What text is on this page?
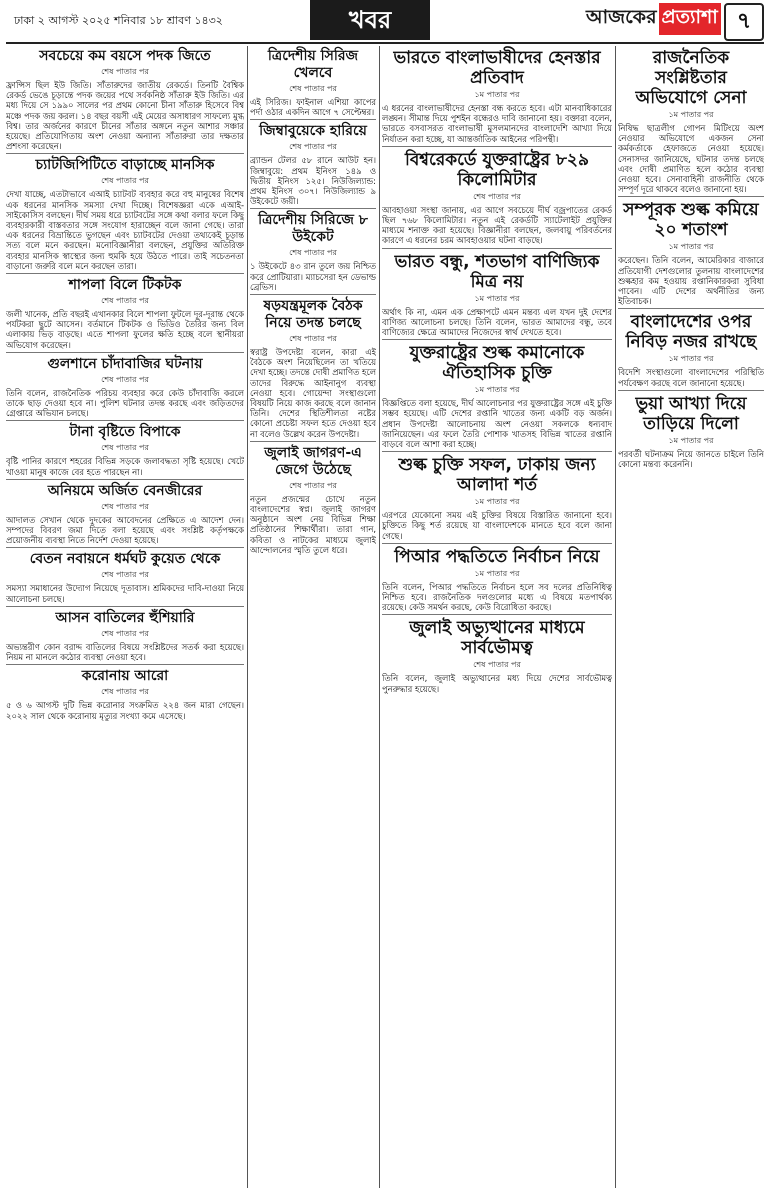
ঢাকা ২ আগস্ট ২০২৫ শনিবার ১৮ শ্রাবণ ১৪৩২	খবর	আজকের প্রত্যাশা ৭
সবচেয়ে কম বয়সে পদক জিতে
শেষ পাতার পর

ফ্রান্সিস ছিল ইউ জিতি। সাঁতারুদের জাতীয় রেকর্ডে। তিনটি বৈশ্বিক রেকর্ড ভেঙে চূড়ান্তে পদক জয়ের পথে সর্বকনিষ্ঠ সাঁতারু ইউ জিতি। এর মধ্য দিয়ে সে ১৯৯০ সালের পর প্রথম কোনো চীনা সাঁতারু হিসেবে বিশ্ব মঞ্চে পদক জয় করল। ১৪ বছর বয়সী এই মেয়ের অসাধারণ সাফল্যে মুগ্ধ বিশ্ব। তার অর্জনের কারণে চীনের সাঁতার অঙ্গনে নতুন আশার সঞ্চার হয়েছে। প্রতিযোগিতায় অংশ নেওয়া অন্যান্য সাঁতারুরা তার দক্ষতার প্রশংসা করেছেন।

চ্যাটজিপিটিতে বাড়াচ্ছে মানসিক
শেষ পাতার পর

দেখা যাচ্ছে, এতটাভাবে এআই চ্যাটবট ব্যবহার করে বহু মানুষের বিশেষ এক ধরনের মানসিক সমস্যা দেখা দিচ্ছে। বিশেষজ্ঞরা একে এআই-সাইকোসিস বলছেন। দীর্ঘ সময় ধরে চ্যাটবটের সঙ্গে কথা বলার ফলে কিছু ব্যবহারকারী বাস্তবতার সঙ্গে সংযোগ হারাচ্ছেন বলে জানা গেছে। তারা এক ধরনের বিভ্রান্তিতে ভুগছেন এবং চ্যাটবটের দেওয়া তথ্যকেই চূড়ান্ত সত্য বলে মনে করছেন। মনোবিজ্ঞানীরা বলছেন, প্রযুক্তির অতিরিক্ত ব্যবহার মানসিক স্বাস্থ্যের জন্য হুমকি হয়ে উঠতে পারে। তাই সচেতনতা বাড়ানো জরুরি বলে মনে করছেন তারা।

শাপলা বিলে টিকটক
শেষ পাতার পর

জলী খানেক, প্রতি বছরই এখানকার বিলে শাপলা ফুটলে দূর-দূরান্ত থেকে পর্যটকরা ছুটে আসেন। বর্তমানে টিকটক ও ভিডিও তৈরির জন্য বিল এলাকায় ভিড় বাড়ছে। এতে শাপলা ফুলের ক্ষতি হচ্ছে বলে স্থানীয়রা অভিযোগ করেছেন।

গুলশানে চাঁদাবাজির ঘটনায়
শেষ পাতার পর

তিনি বলেন, রাজনৈতিক পরিচয় ব্যবহার করে কেউ চাঁদাবাজি করলে তাকে ছাড় দেওয়া হবে না। পুলিশ ঘটনার তদন্ত করছে এবং জড়িতদের গ্রেপ্তারে অভিযান চলছে।

টানা বৃষ্টিতে বিপাকে
শেষ পাতার পর

বৃষ্টি পানির কারণে শহরের বিভিন্ন সড়কে জলাবদ্ধতা সৃষ্টি হয়েছে। খেটে খাওয়া মানুষ কাজে বের হতে পারছেন না।

অনিয়মে অর্জিত বেনজীরের
শেষ পাতার পর

আদালত সেখান থেকে দুদকের আবেদনের প্রেক্ষিতে এ আদেশ দেন। সম্পদের বিবরণ জমা দিতে বলা হয়েছে এবং সংশ্লিষ্ট কর্তৃপক্ষকে প্রয়োজনীয় ব্যবস্থা নিতে নির্দেশ দেওয়া হয়েছে।

বেতন নবায়নে ধর্মঘট কুয়েত থেকে
শেষ পাতার পর

সমস্যা সমাধানের উদ্যোগ নিয়েছে দূতাবাস। শ্রমিকদের দাবি-দাওয়া নিয়ে আলোচনা চলছে।

আসন বাতিলের হুঁশিয়ারি
শেষ পাতার পর

অভ্যন্তরীণ কোন বরাদ্দ বাতিলের বিষয়ে সংশ্লিষ্টদের সতর্ক করা হয়েছে। নিয়ম না মানলে কঠোর ব্যবস্থা নেওয়া হবে।

করোনায় আরো
শেষ পাতার পর

৫ ও ৬ আগস্ট দুটি ভিন্ন করোনার সংক্রমিত ২২৪ জন মারা গেছেন। ২০২২ সাল থেকে করোনায় মৃত্যুর সংখ্যা কমে এসেছে।

ত্রিদেশীয় সিরিজ খেলবে
শেষ পাতার পর

এই সিরিজ। ফাইনাল এশিয়া কাপের পর্দা ওঠার একদিন আগে ৭ সেপ্টেম্বর।

জিম্বাবুয়েকে হারিয়ে
শেষ পাতার পর

ব্র্যান্ডন টেলর ৫৮ রানে আউট হন। জিম্বাবুয়ে: প্রথম ইনিংস ১৪৯ ও দ্বিতীয় ইনিংস ১২৫। নিউজিল্যান্ড: প্রথম ইনিংস ৩০৭। নিউজিল্যান্ড ৯ উইকেটে জয়ী।

ত্রিদেশীয় সিরিজে ৮ উইকেট
শেষ পাতার পর

১ উইকেটে ৪৩ রান তুলে জয় নিশ্চিত করে প্রোটিয়ারা। ম্যাচসেরা হন ডেভাল্ড ব্রেভিস।

ষড়যন্ত্রমূলক বৈঠক নিয়ে তদন্ত চলছে
শেষ পাতার পর

স্বরাষ্ট্র উপদেষ্টা বলেন, কারা এই বৈঠকে অংশ নিয়েছিলেন তা খতিয়ে দেখা হচ্ছে। তদন্তে দোষী প্রমাণিত হলে তাদের বিরুদ্ধে আইনানুগ ব্যবস্থা নেওয়া হবে। গোয়েন্দা সংস্থাগুলো বিষয়টি নিয়ে কাজ করছে বলে জানান তিনি। দেশের স্থিতিশীলতা নষ্টের কোনো প্রচেষ্টা সফল হতে দেওয়া হবে না বলেও উল্লেখ করেন উপদেষ্টা।

জুলাই জাগরণ-এ জেগে উঠেছে
শেষ পাতার পর

নতুন প্রজন্মের চোখে নতুন বাংলাদেশের স্বপ্ন। জুলাই জাগরণ অনুষ্ঠানে অংশ নেয় বিভিন্ন শিক্ষা প্রতিষ্ঠানের শিক্ষার্থীরা। তারা গান, কবিতা ও নাটকের মাধ্যমে জুলাই আন্দোলনের স্মৃতি তুলে ধরে।

ভারতে বাংলাভাষীদের হেনস্তার প্রতিবাদ
১ম পাতার পর

এ ধরনের বাংলাভাষীদের হেনস্তা বন্ধ করতে হবে। এটা মানবাধিকারের লঙ্ঘন। সীমান্ত দিয়ে পুশইন বন্ধেরও দাবি জানানো হয়। বক্তারা বলেন, ভারতে বসবাসরত বাংলাভাষী মুসলমানদের বাংলাদেশি আখ্যা দিয়ে নির্যাতন করা হচ্ছে, যা আন্তর্জাতিক আইনের পরিপন্থী।

বিশ্বরেকর্ডে যুক্তরাষ্ট্রের ৮২৯ কিলোমিটার
শেষ পাতার পর

আবহাওয়া সংস্থা জানায়, এর আগে সবচেয়ে দীর্ঘ বজ্রপাতের রেকর্ড ছিল ৭৬৮ কিলোমিটার। নতুন এই রেকর্ডটি স্যাটেলাইট প্রযুক্তির মাধ্যমে শনাক্ত করা হয়েছে। বিজ্ঞানীরা বলছেন, জলবায়ু পরিবর্তনের কারণে এ ধরনের চরম আবহাওয়ার ঘটনা বাড়ছে।

ভারত বন্ধু, শতভাগ বাণিজ্যিক মিত্র নয়
১ম পাতার পর

অর্থাৎ কি না, এমন এক প্রেক্ষাপটে এমন মন্তব্য এল যখন দুই দেশের বাণিজ্য আলোচনা চলছে। তিনি বলেন, ভারত আমাদের বন্ধু, তবে বাণিজ্যের ক্ষেত্রে আমাদের নিজেদের স্বার্থ দেখতে হবে।

যুক্তরাষ্ট্রের শুল্ক কমানোকে ঐতিহাসিক চুক্তি
১ম পাতার পর

বিজ্ঞপ্তিতে বলা হয়েছে, দীর্ঘ আলোচনার পর যুক্তরাষ্ট্রের সঙ্গে এই চুক্তি সম্ভব হয়েছে। এটি দেশের রপ্তানি খাতের জন্য একটি বড় অর্জন। প্রধান উপদেষ্টা আলোচনায় অংশ নেওয়া সকলকে ধন্যবাদ জানিয়েছেন। এর ফলে তৈরি পোশাক খাতসহ বিভিন্ন খাতের রপ্তানি বাড়বে বলে আশা করা হচ্ছে।

শুল্ক চুক্তি সফল, ঢাকায় জন্য আলাদা শর্ত
১ম পাতার পর

এরপরে যেকোনো সময় এই চুক্তির বিষয়ে বিস্তারিত জানানো হবে। চুক্তিতে কিছু শর্ত রয়েছে যা বাংলাদেশকে মানতে হবে বলে জানা গেছে।

পিআর পদ্ধতিতে নির্বাচন নিয়ে
১ম পাতার পর

তিনি বলেন, পিআর পদ্ধতিতে নির্বাচন হলে সব দলের প্রতিনিধিত্ব নিশ্চিত হবে। রাজনৈতিক দলগুলোর মধ্যে এ বিষয়ে মতপার্থক্য রয়েছে। কেউ সমর্থন করছে, কেউ বিরোধিতা করছে।

জুলাই অভ্যুত্থানের মাধ্যমে সার্বভৌমত্ব
শেষ পাতার পর

তিনি বলেন, জুলাই অভ্যুত্থানের মধ্য দিয়ে দেশের সার্বভৌমত্ব পুনরুদ্ধার হয়েছে।

রাজনৈতিক সংশ্লিষ্টতার অভিযোগে সেনা
১ম পাতার পর

নিষিদ্ধ ছাত্রলীগ গোপন মিটিংয়ে অংশ নেওয়ার অভিযোগে একজন সেনা কর্মকর্তাকে হেফাজতে নেওয়া হয়েছে। সেনাসদর জানিয়েছে, ঘটনার তদন্ত চলছে এবং দোষী প্রমাণিত হলে কঠোর ব্যবস্থা নেওয়া হবে। সেনাবাহিনী রাজনীতি থেকে সম্পূর্ণ দূরে থাকবে বলেও জানানো হয়।

সম্পূরক শুল্ক কমিয়ে ২০ শতাংশ
১ম পাতার পর

করেছেন। তিনি বলেন, আমেরিকার বাজারে প্রতিযোগী দেশগুলোর তুলনায় বাংলাদেশের শুল্কহার কম হওয়ায় রপ্তানিকারকরা সুবিধা পাবেন। এটি দেশের অর্থনীতির জন্য ইতিবাচক।

বাংলাদেশের ওপর নিবিড় নজর রাখছে
১ম পাতার পর

বিদেশি সংস্থাগুলো বাংলাদেশের পরিস্থিতি পর্যবেক্ষণ করছে বলে জানানো হয়েছে।

ভুয়া আখ্যা দিয়ে তাড়িয়ে দিলো
১ম পাতার পর

পরবর্তী ঘটনাক্রম নিয়ে জানতে চাইলে তিনি কোনো মন্তব্য করেননি।
